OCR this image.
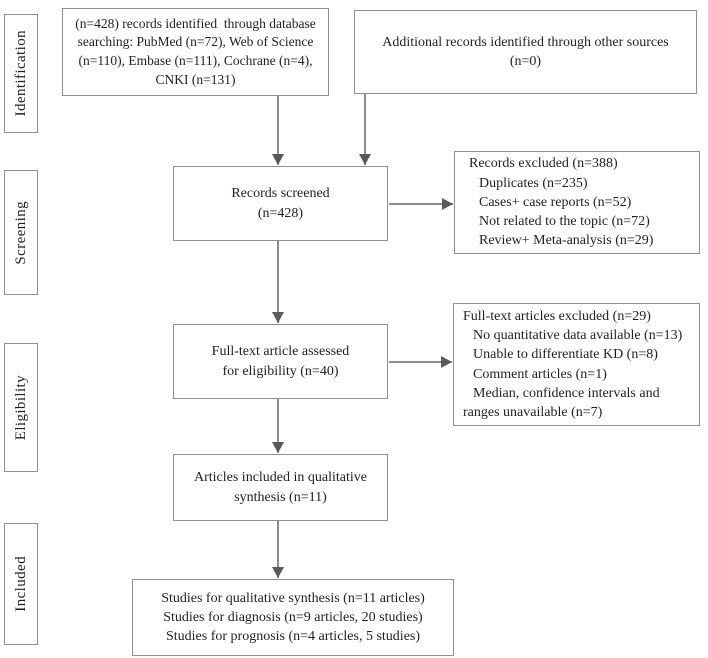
Identification
Screening
Eligibility
Included
(n=428) records identified  through database
searching: PubMed (n=72), Web of Science
(n=110), Embase (n=111), Cochrane (n=4),
CNKI (n=131)
Additional records identified through other sources
(n=0)
Records screened
(n=428)
Records excluded (n=388)
Duplicates (n=235)
Cases+ case reports (n=52)
Not related to the topic (n=72)
Review+ Meta-analysis (n=29)
Full-text article assessed
for eligibility (n=40)
Full-text articles excluded (n=29)
No quantitative data available (n=13)
Unable to differentiate KD (n=8)
Comment articles (n=1)
Median, confidence intervals and
ranges unavailable (n=7)
Articles included in qualitative
synthesis (n=11)
Studies for qualitative synthesis (n=11 articles)
Studies for diagnosis (n=9 articles, 20 studies)
Studies for prognosis (n=4 articles, 5 studies)
